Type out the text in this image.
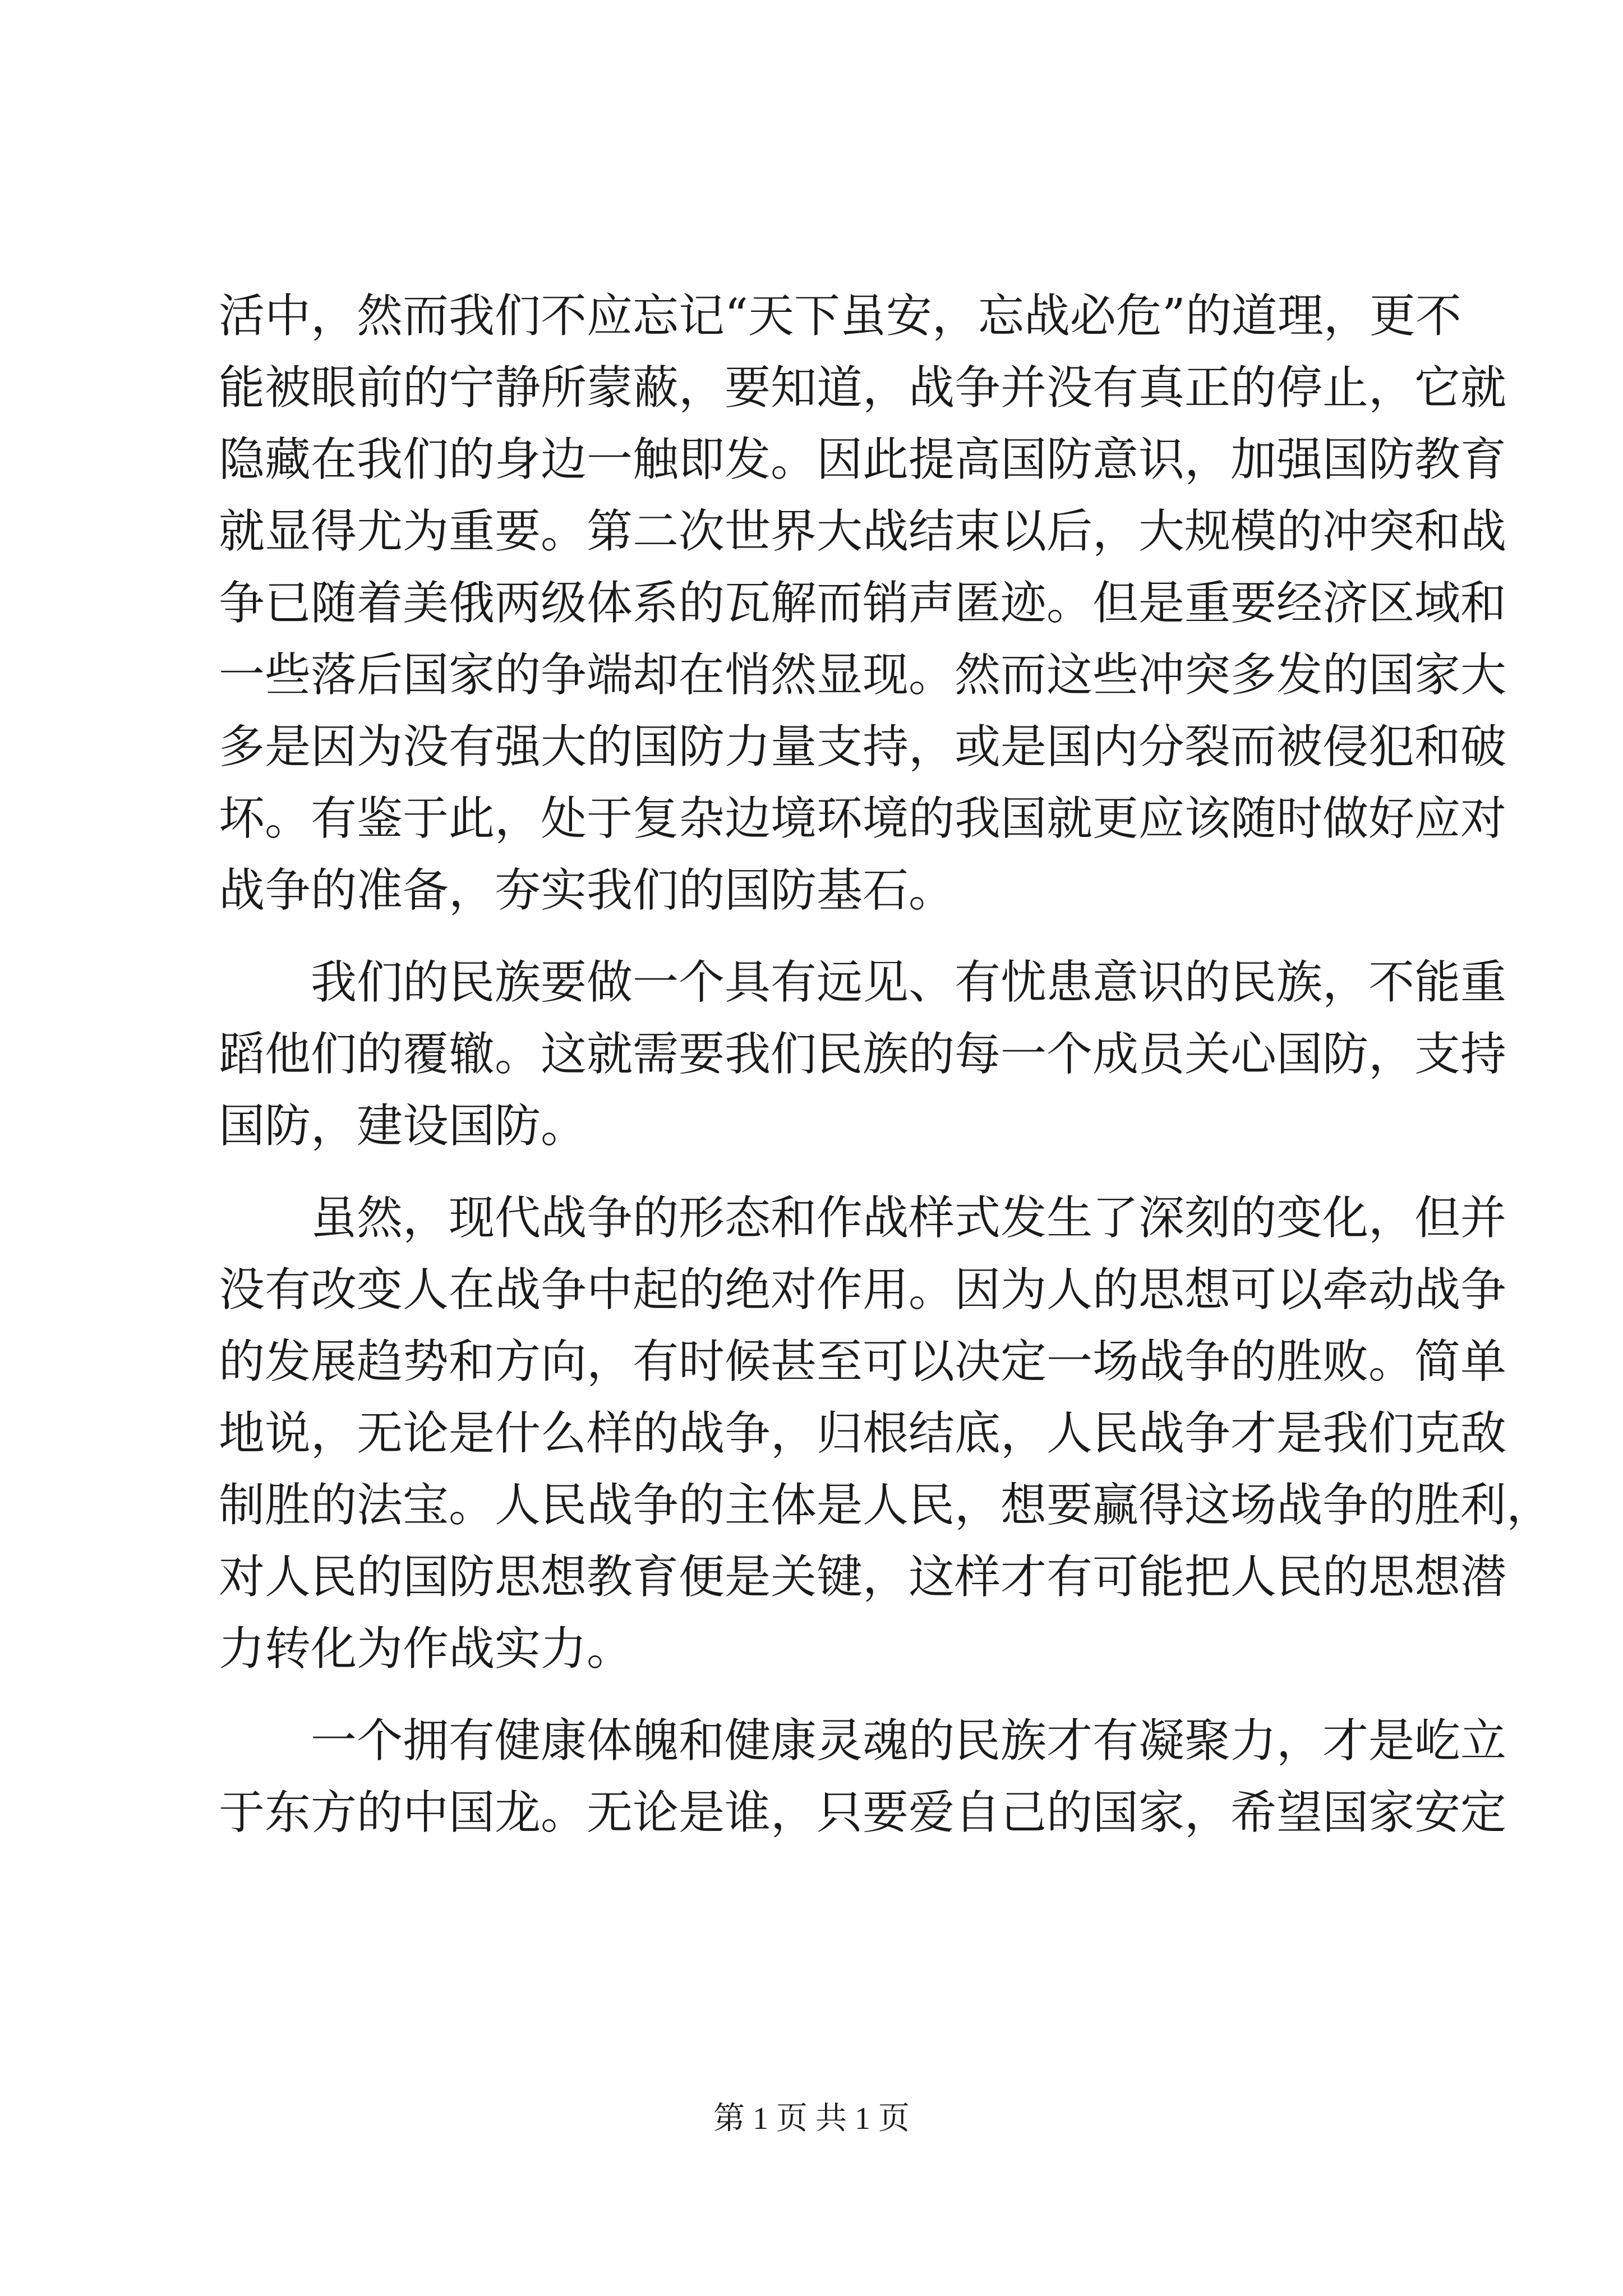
活中，然而我们不应忘记“天下虽安，忘战必危”的道理，更不
能被眼前的宁静所蒙蔽，要知道，战争并没有真正的停止，它就
隐藏在我们的身边一触即发。因此提高国防意识，加强国防教育
就显得尤为重要。第二次世界大战结束以后，大规模的冲突和战
争已随着美俄两级体系的瓦解而销声匿迹。但是重要经济区域和
一些落后国家的争端却在悄然显现。然而这些冲突多发的国家大
多是因为没有强大的国防力量支持，或是国内分裂而被侵犯和破
坏。有鉴于此，处于复杂边境环境的我国就更应该随时做好应对
战争的准备，夯实我们的国防基石。
　　我们的民族要做一个具有远见、有忧患意识的民族，不能重
蹈他们的覆辙。这就需要我们民族的每一个成员关心国防，支持
国防，建设国防。
　　虽然，现代战争的形态和作战样式发生了深刻的变化，但并
没有改变人在战争中起的绝对作用。因为人的思想可以牵动战争
的发展趋势和方向，有时候甚至可以决定一场战争的胜败。简单
地说，无论是什么样的战争，归根结底，人民战争才是我们克敌
制胜的法宝。人民战争的主体是人民，想要赢得这场战争的胜利，
对人民的国防思想教育便是关键，这样才有可能把人民的思想潜
力转化为作战实力。
　　一个拥有健康体魄和健康灵魂的民族才有凝聚力，才是屹立
于东方的中国龙。无论是谁，只要爱自己的国家，希望国家安定
第 1 页 共 1 页
